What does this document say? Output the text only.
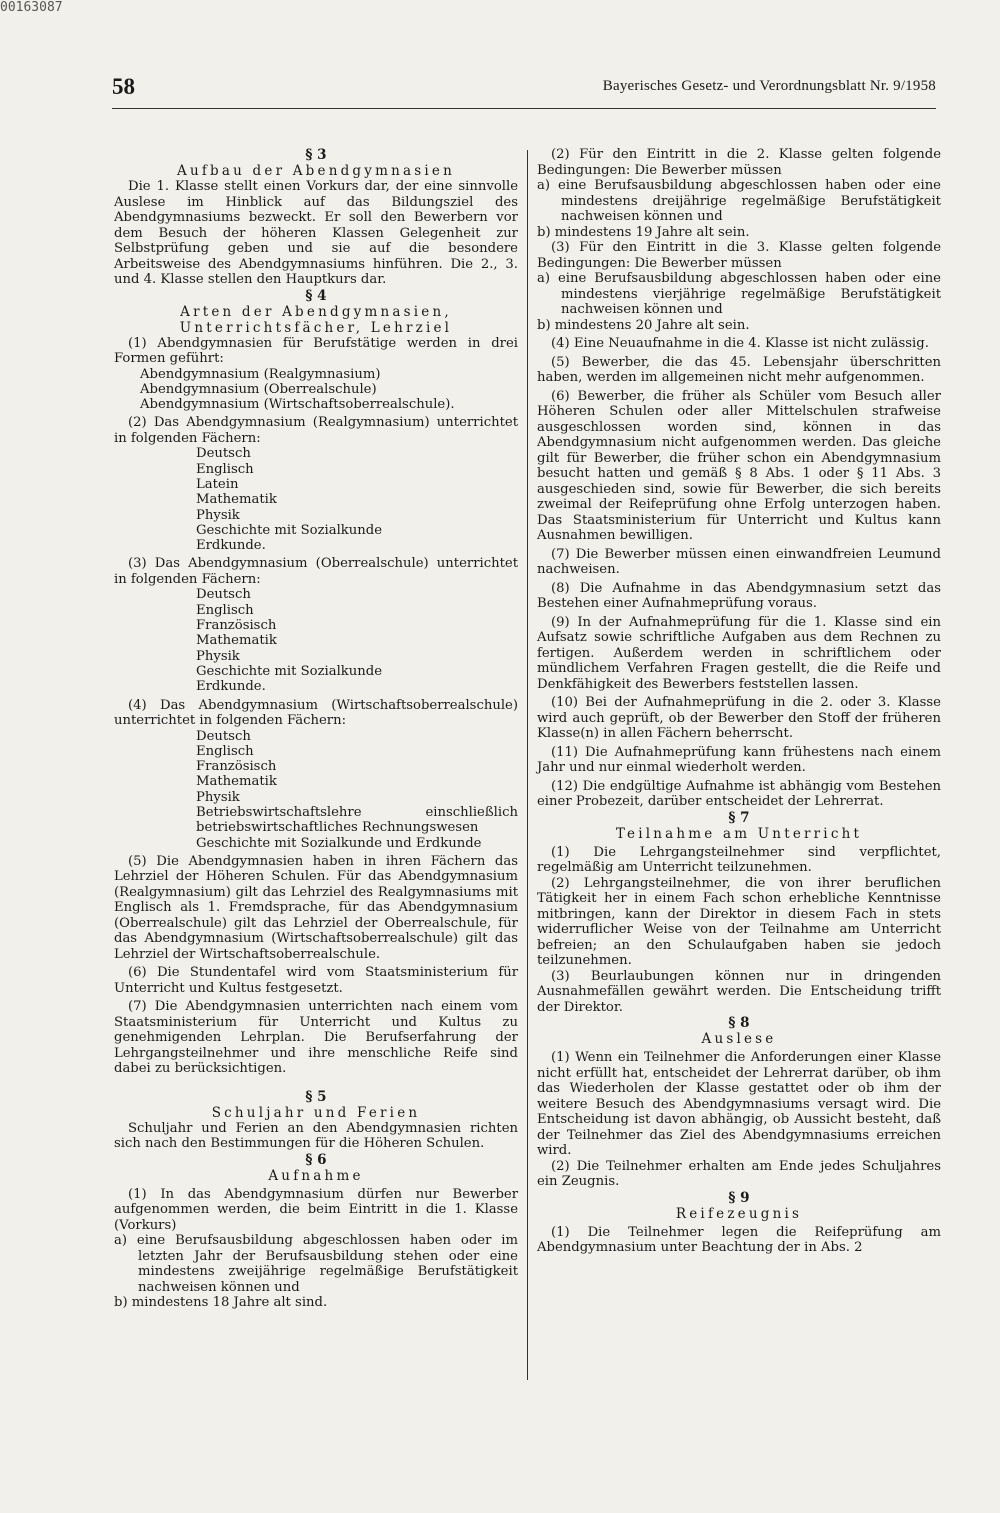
00163087
58	Bayerisches Gesetz- und Verordnungsblatt Nr. 9/1958
§ 3
Aufbau der Abendgymnasien

Die 1. Klasse stellt einen Vorkurs dar, der eine sinnvolle Auslese im Hinblick auf das Bildungsziel des Abendgymnasiums bezweckt. Er soll den Bewerbern vor dem Besuch der höheren Klassen Gelegenheit zur Selbstprüfung geben und sie auf die besondere Arbeitsweise des Abendgymnasiums hinführen. Die 2., 3. und 4. Klasse stellen den Hauptkurs dar.

§ 4
Arten der Abendgymnasien, Unterrichtsfächer, Lehrziel

(1) Abendgymnasien für Berufstätige werden in drei Formen geführt:

Abendgymnasium (Realgymnasium)
Abendgymnasium (Oberrealschule)
Abendgymnasium (Wirtschaftsoberrealschule).

(2) Das Abendgymnasium (Realgymnasium) unterrichtet in folgenden Fächern:

Deutsch
Englisch
Latein
Mathematik
Physik
Geschichte mit Sozialkunde
Erdkunde.

(3) Das Abendgymnasium (Oberrealschule) unterrichtet in folgenden Fächern:

Deutsch
Englisch
Französisch
Mathematik
Physik
Geschichte mit Sozialkunde
Erdkunde.

(4) Das Abendgymnasium (Wirtschaftsoberrealschule) unterrichtet in folgenden Fächern:

Deutsch
Englisch
Französisch
Mathematik
Physik
Betriebswirtschaftslehre einschließlich betriebswirtschaftliches Rechnungswesen
Geschichte mit Sozialkunde und Erdkunde

(5) Die Abendgymnasien haben in ihren Fächern das Lehrziel der Höheren Schulen. Für das Abendgymnasium (Realgymnasium) gilt das Lehrziel des Realgymnasiums mit Englisch als 1. Fremdsprache, für das Abendgymnasium (Oberrealschule) gilt das Lehrziel der Oberrealschule, für das Abendgymnasium (Wirtschaftsoberrealschule) gilt das Lehrziel der Wirtschaftsoberrealschule.

(6) Die Stundentafel wird vom Staatsministerium für Unterricht und Kultus festgesetzt.

(7) Die Abendgymnasien unterrichten nach einem vom Staatsministerium für Unterricht und Kultus zu genehmigenden Lehrplan. Die Berufserfahrung der Lehrgangsteilnehmer und ihre menschliche Reife sind dabei zu berücksichtigen.

§ 5
Schuljahr und Ferien

Schuljahr und Ferien an den Abendgymnasien richten sich nach den Bestimmungen für die Höheren Schulen.

§ 6
Aufnahme

(1) In das Abendgymnasium dürfen nur Bewerber aufgenommen werden, die beim Eintritt in die 1. Klasse (Vorkurs)

a) eine Berufsausbildung abgeschlossen haben oder im letzten Jahr der Berufsausbildung stehen oder eine mindestens zweijährige regelmäßige Berufstätigkeit nachweisen können und
b) mindestens 18 Jahre alt sind.

(2) Für den Eintritt in die 2. Klasse gelten folgende Bedingungen: Die Bewerber müssen

a) eine Berufsausbildung abgeschlossen haben oder eine mindestens dreijährige regelmäßige Berufstätigkeit nachweisen können und
b) mindestens 19 Jahre alt sein.

(3) Für den Eintritt in die 3. Klasse gelten folgende Bedingungen: Die Bewerber müssen

a) eine Berufsausbildung abgeschlossen haben oder eine mindestens vierjährige regelmäßige Berufstätigkeit nachweisen können und
b) mindestens 20 Jahre alt sein.

(4) Eine Neuaufnahme in die 4. Klasse ist nicht zulässig.

(5) Bewerber, die das 45. Lebensjahr überschritten haben, werden im allgemeinen nicht mehr aufgenommen.

(6) Bewerber, die früher als Schüler vom Besuch aller Höheren Schulen oder aller Mittelschulen strafweise ausgeschlossen worden sind, können in das Abendgymnasium nicht aufgenommen werden. Das gleiche gilt für Bewerber, die früher schon ein Abendgymnasium besucht hatten und gemäß § 8 Abs. 1 oder § 11 Abs. 3 ausgeschieden sind, sowie für Bewerber, die sich bereits zweimal der Reifeprüfung ohne Erfolg unterzogen haben. Das Staatsministerium für Unterricht und Kultus kann Ausnahmen bewilligen.

(7) Die Bewerber müssen einen einwandfreien Leumund nachweisen.

(8) Die Aufnahme in das Abendgymnasium setzt das Bestehen einer Aufnahmeprüfung voraus.

(9) In der Aufnahmeprüfung für die 1. Klasse sind ein Aufsatz sowie schriftliche Aufgaben aus dem Rechnen zu fertigen. Außerdem werden in schriftlichem oder mündlichem Verfahren Fragen gestellt, die die Reife und Denkfähigkeit des Bewerbers feststellen lassen.

(10) Bei der Aufnahmeprüfung in die 2. oder 3. Klasse wird auch geprüft, ob der Bewerber den Stoff der früheren Klasse(n) in allen Fächern beherrscht.

(11) Die Aufnahmeprüfung kann frühestens nach einem Jahr und nur einmal wiederholt werden.

(12) Die endgültige Aufnahme ist abhängig vom Bestehen einer Probezeit, darüber entscheidet der Lehrerrat.

§ 7
Teilnahme am Unterricht

(1) Die Lehrgangsteilnehmer sind verpflichtet, regelmäßig am Unterricht teilzunehmen.

(2) Lehrgangsteilnehmer, die von ihrer beruflichen Tätigkeit her in einem Fach schon erhebliche Kenntnisse mitbringen, kann der Direktor in diesem Fach in stets widerruflicher Weise von der Teilnahme am Unterricht befreien; an den Schulaufgaben haben sie jedoch teilzunehmen.

(3) Beurlaubungen können nur in dringenden Ausnahmefällen gewährt werden. Die Entscheidung trifft der Direktor.

§ 8
Auslese

(1) Wenn ein Teilnehmer die Anforderungen einer Klasse nicht erfüllt hat, entscheidet der Lehrerrat darüber, ob ihm das Wiederholen der Klasse gestattet oder ob ihm der weitere Besuch des Abendgymnasiums versagt wird. Die Entscheidung ist davon abhängig, ob Aussicht besteht, daß der Teilnehmer das Ziel des Abendgymnasiums erreichen wird.

(2) Die Teilnehmer erhalten am Ende jedes Schuljahres ein Zeugnis.

§ 9
Reifezeugnis

(1) Die Teilnehmer legen die Reifeprüfung am Abendgymnasium unter Beachtung der in Abs. 2
